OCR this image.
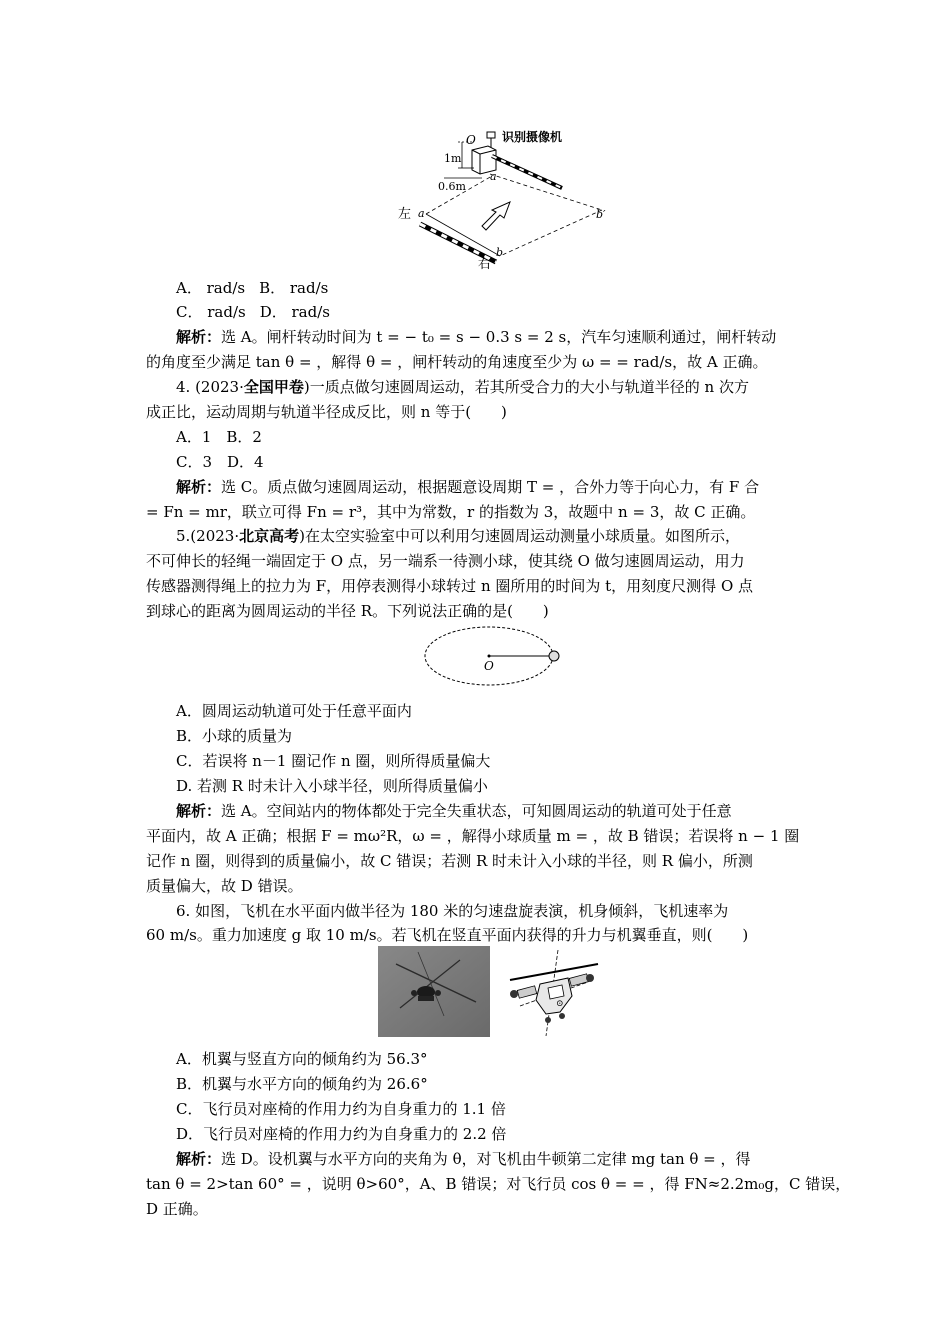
识别摄像机
O
1m
0.6m
a
左 a
右
b
b′
A． rad/s B． rad/s
C． rad/s D． rad/s
解析：选 A。闸杆转动时间为 t = − t₀ = s − 0.3 s = 2 s，汽车匀速顺利通过，闸杆转动
的角度至少满足 tan θ = ，解得 θ = ，闸杆转动的角速度至少为 ω = = rad/s，故 A 正确。
4. (2023·全国甲卷)一质点做匀速圆周运动，若其所受合力的大小与轨道半径的 n 次方
成正比，运动周期与轨道半径成反比，则 n 等于(　　)
A．1　B．2
C．3　D．4
解析：选 C。质点做匀速圆周运动，根据题意设周期 T = ，合外力等于向心力，有 F 合
= Fn = mr，联立可得 Fn = r³，其中为常数，r 的指数为 3，故题中 n = 3，故 C 正确。
5.(2023·北京高考)在太空实验室中可以利用匀速圆周运动测量小球质量。如图所示，
不可伸长的轻绳一端固定于 O 点，另一端系一待测小球，使其绕 O 做匀速圆周运动，用力
传感器测得绳上的拉力为 F，用停表测得小球转过 n 圈所用的时间为 t，用刻度尺测得 O 点
到球心的距离为圆周运动的半径 R。下列说法正确的是(　　)
O
A．圆周运动轨道可处于任意平面内
B．小球的质量为
C．若误将 n－1 圈记作 n 圈，则所得质量偏大
D. 若测 R 时未计入小球半径，则所得质量偏小
解析：选 A。空间站内的物体都处于完全失重状态，可知圆周运动的轨道可处于任意
平面内，故 A 正确；根据 F = mω²R，ω = ，解得小球质量 m = ，故 B 错误；若误将 n − 1 圈
记作 n 圈，则得到的质量偏小，故 C 错误；若测 R 时未计入小球的半径，则 R 偏小，所测
质量偏大，故 D 错误。
6. 如图，飞机在水平面内做半径为 180 米的匀速盘旋表演，机身倾斜，飞机速率为
60 m/s。重力加速度 g 取 10 m/s。若飞机在竖直平面内获得的升力与机翼垂直，则(　　)
⊙
A．机翼与竖直方向的倾角约为 56.3°
B．机翼与水平方向的倾角约为 26.6°
C．飞行员对座椅的作用力约为自身重力的 1.1 倍
D．飞行员对座椅的作用力约为自身重力的 2.2 倍
解析：选 D。设机翼与水平方向的夹角为 θ，对飞机由牛顿第二定律 mg tan θ = ，得
tan θ = 2>tan 60° = ，说明 θ>60°，A、B 错误；对飞行员 cos θ = = ，得 FN≈2.2m₀g，C 错误，
D 正确。
